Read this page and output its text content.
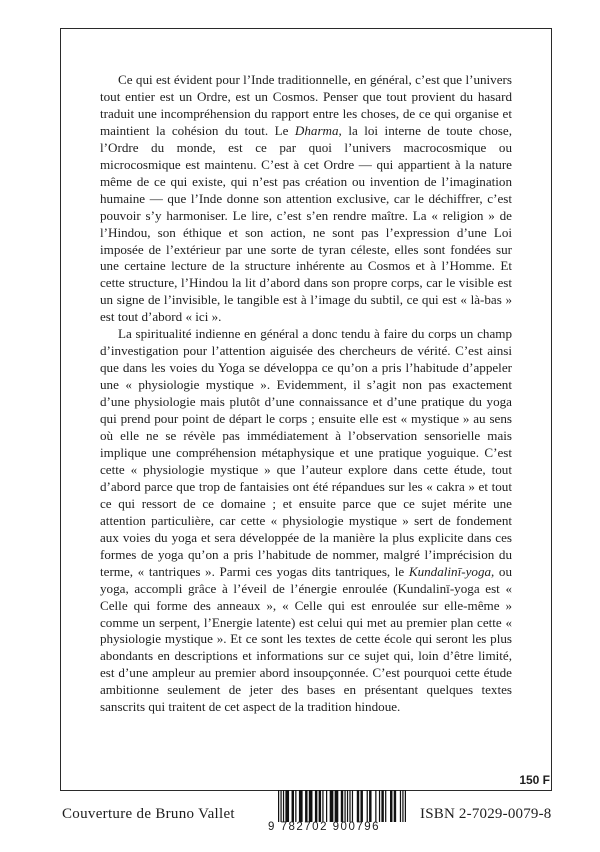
Ce qui est évident pour l’Inde traditionnelle, en général, c’est que l’univers tout entier est un Ordre, est un Cosmos. Penser que tout provient du hasard traduit une incompréhension du rapport entre les choses, de ce qui organise et maintient la cohésion du tout. Le Dharma, la loi interne de toute chose, l’Ordre du monde, est ce par quoi l’univers macrocosmique ou microcosmique est maintenu. C’est à cet Ordre — qui appartient à la nature même de ce qui existe, qui n’est pas création ou invention de l’imagination humaine — que l’Inde donne son attention exclusive, car le déchiffrer, c’est pouvoir s’y harmoniser. Le lire, c’est s’en rendre maître. La « religion » de l’Hindou, son éthique et son action, ne sont pas l’expression d’une Loi imposée de l’extérieur par une sorte de tyran céleste, elles sont fondées sur une certaine lecture de la structure inhérente au Cosmos et à l’Homme. Et cette structure, l’Hindou la lit d’abord dans son propre corps, car le visible est un signe de l’invisible, le tangible est à l’image du subtil, ce qui est « là-bas » est tout d’abord « ici ».

La spiritualité indienne en général a donc tendu à faire du corps un champ d’investigation pour l’attention aiguisée des chercheurs de vérité. C’est ainsi que dans les voies du Yoga se développa ce qu’on a pris l’habitude d’appeler une « physiologie mystique ». Evidemment, il s’agit non pas exactement d’une physiologie mais plutôt d’une connaissance et d’une pratique du yoga qui prend pour point de départ le corps ; ensuite elle est « mystique » au sens où elle ne se révèle pas immédiatement à l’observation sensorielle mais implique une compréhension métaphysique et une pratique yoguique. C’est cette « physiologie mystique » que l’auteur explore dans cette étude, tout d’abord parce que trop de fantaisies ont été répandues sur les « cakra » et tout ce qui ressort de ce domaine ; et ensuite parce que ce sujet mérite une attention particulière, car cette « physiologie mystique » sert de fondement aux voies du yoga et sera développée de la manière la plus explicite dans ces formes de yoga qu’on a pris l’habitude de nommer, malgré l’imprécision du terme, « tantriques ». Parmi ces yogas dits tantriques, le Kundalinī-yoga, ou yoga, accompli grâce à l’éveil de l’énergie enroulée (Kundalinī-yoga est « Celle qui forme des anneaux », « Celle qui est enroulée sur elle-même » comme un serpent, l’Energie latente) est celui qui met au premier plan cette « physiologie mystique ». Et ce sont les textes de cette école qui seront les plus abondants en descriptions et informations sur ce sujet qui, loin d’être limité, est d’une ampleur au premier abord insoupçonnée. C’est pourquoi cette étude ambitionne seulement de jeter des bases en présentant quelques textes sanscrits qui traitent de cet aspect de la tradition hindoue.

150 F
Couverture de Bruno Vallet
9 782702 900796
ISBN 2-7029-0079-8
